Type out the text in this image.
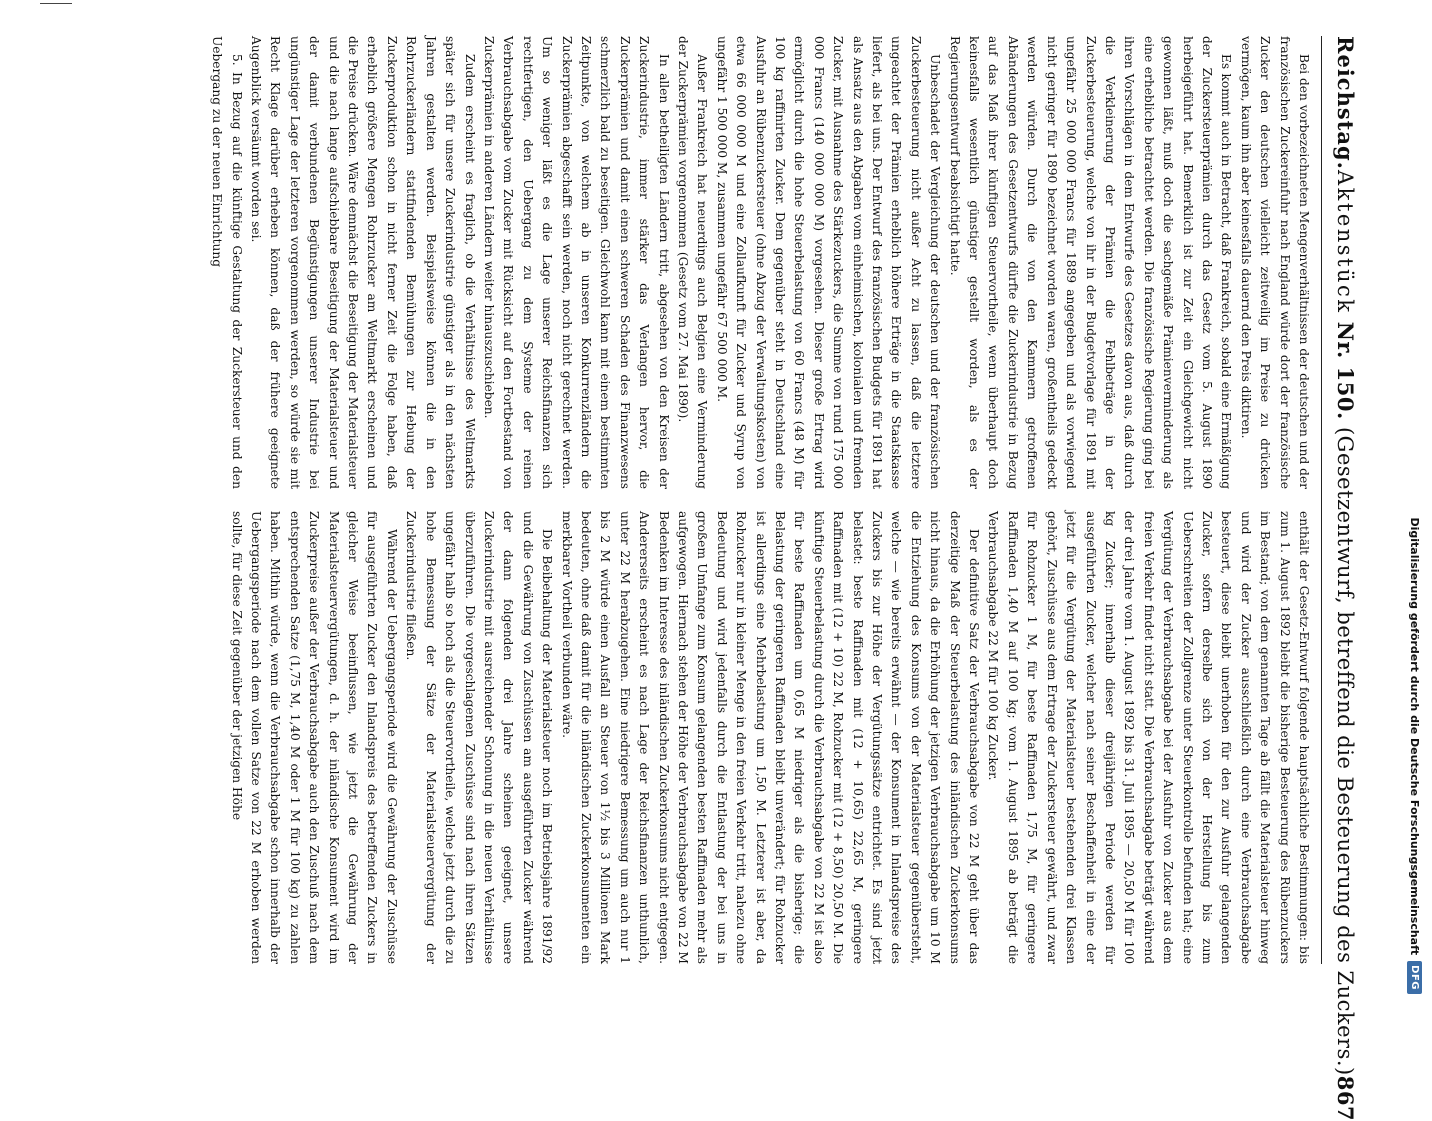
Reichstag.
Aktenstück Nr. 150. (Gesetzentwurf, betreffend die Besteuerung des Zuckers.)
867

Bei den vorbezeichneten Mengenverhältnissen der deutschen und der französischen Zuckereinfuhr nach England würde dort der französische Zucker den deutschen vielleicht zeitweilig im Preise zu drücken vermögen, kaum ihn aber keinesfalls dauernd den Preis diktiren.

Es kommt auch in Betracht, daß Frankreich, sobald eine Ermäßigung der Zuckersteuerprämien durch das Gesetz vom 5. August 1890 herbeigeführt hat. Bemerklich ist zur Zeit ein Gleichgewicht nicht gewonnen läßt, muß doch die sachgemäße Prämienverminderung als eine erhebliche betrachtet werden. Die französische Regierung ging bei ihren Vorschlägen in dem Entwurfe des Gesetzes davon aus, daß durch die Verkleinerung der Prämien die Fehlbeträge in der Zuckerbesteuerung, welche von ihr in der Budgetvorlage für 1891 mit ungefähr 25 000 000 Francs für 1889 angegeben und als vorwiegend nicht geringer für 1890 bezeichnet worden waren, großentheils gedeckt werden würden. Durch die von den Kammern getroffenen Abänderungen des Gesetzentwurfs dürfte die Zuckerindustrie in Bezug auf das Maß ihrer künftigen Steuervortheile, wenn überhaupt doch keinesfalls wesentlich günstiger gestellt worden, als es der Regierungsentwurf beabsichtigt hatte.

Unbeschadet der Vergleichung der deutschen und der französischen Zuckerbesteuerung nicht außer Acht zu lassen, daß die letztere ungeachtet der Prämien erheblich höhere Erträge in die Staatskasse liefert, als bei uns. Der Entwurf des französischen Budgets für 1891 hat als Ansatz aus den Abgaben vom einheimischen, kolonialen und fremden Zucker, mit Ausnahme des Stärkezuckers, die Summe von rund 175 000 000 Francs (140 000 000 M) vorgesehen. Dieser große Ertrag wird ermöglicht durch die hohe Steuerbelastung von 60 Francs (48 M) für 100 kg raffinirten Zucker. Dem gegenüber steht in Deutschland eine Ausfuhr an Rübenzuckersteuer (ohne Abzug der Verwaltungskosten) von etwa 66 000 000 M und eine Zollaufkunft für Zucker und Syrup von ungefähr 1 500 000 M, zusammen ungefähr 67 500 000 M.

Außer Frankreich hat neuerdings auch Belgien eine Verminderung der Zuckerprämien vorgenommen (Gesetz vom 27. Mai 1890).

In allen betheiligten Ländern tritt, abgesehen von den Kreisen der Zuckerindustrie, immer stärker das Verlangen hervor, die Zuckerprämien und damit einen schweren Schaden des Finanzwesens schmerzlich bald zu beseitigen. Gleichwohl kann mit einem bestimmten Zeitpunkte, von welchem ab in unseren Konkurrenzländern die Zuckerprämien abgeschafft sein werden, noch nicht gerechnet werden. Um so weniger läßt es die Lage unserer Reichsfinanzen sich rechtfertigen, den Uebergang zu dem Systeme der reinen Verbrauchsabgabe vom Zucker mit Rücksicht auf den Fortbestand von Zuckerprämien in anderen Ländern weiter hinauszuschieben.

Zudem erscheint es fraglich, ob die Verhältnisse des Weltmarkts später sich für unsere Zuckerindustrie günstiger als in den nächsten Jahren gestalten werden. Beispielsweise können die in den Rohrzuckerländern stattfindenden Bemühungen zur Hebung der Zuckerproduktion schon in nicht ferner Zeit die Folge haben, daß erheblich größere Mengen Rohrzucker am Weltmarkt erscheinen und die Preise drücken. Wäre demnächst die Beseitigung der Materialsteuer und die nach lange aufschiebbare Beseitigung der Materialsteuer und der damit verbundenen Begünstigungen unserer Industrie bei ungünstiger Lage der letzteren vorgenommen werden, so würde sie mit Recht Klage darüber erheben können, daß der frühere geeignete Augenblick versäumt worden sei.

5. In Bezug auf die künftige Gestaltung der Zuckersteuer und den Uebergang zu der neuen Einrichtung

enthält der Gesetz-Entwurf folgende hauptsächliche Bestimmungen: bis zum 1. August 1892 bleibt die bisherige Besteuerung des Rübenzuckers im Bestand; von dem genannten Tage ab fällt die Materialsteuer hinweg und wird der Zucker ausschließlich durch eine Verbrauchsabgabe besteuert, diese bleibt unerhoben für den zur Ausfuhr gelangenden Zucker, sofern derselbe sich von der Herstellung bis zum Ueberschreiten der Zollgrenze unter Steuerkontrolle befunden hat; eine Vergütung der Verbrauchsabgabe bei der Ausfuhr von Zucker aus dem freien Verkehr findet nicht statt. Die Verbrauchsabgabe beträgt während der drei Jahre vom 1. August 1892 bis 31. Juli 1895 — 20,50 M für 100 kg Zucker; innerhalb dieser dreijährigen Periode werden für ausgeführten Zucker, welcher nach seiner Beschaffenheit in eine der jetzt für die Vergütung der Materialsteuer bestehenden drei Klassen gehört, Zuschüsse aus dem Ertrage der Zuckersteuer gewährt, und zwar für Rohzucker 1 M, für beste Raffinaden 1,75 M, für geringere Raffinaden 1,40 M auf 100 kg; vom 1. August 1895 ab beträgt die Verbrauchsabgabe 22 M für 100 kg Zucker.

Der definitive Satz der Verbrauchsabgabe von 22 M geht über das derzeitige Maß der Steuerbelastung des inländischen Zuckerkonsums nicht hinaus, da die Erhöhung der jetzigen Verbrauchsabgabe um 10 M die Entziehung des Konsums von der Materialsteuer gegenübersteht, welche — wie bereits erwähnt — der Konsument in Inlandspreise des Zuckers bis zur Höhe der Vergütungssätze entrichtet. Es sind jetzt belastet: beste Raffinaden mit (12 + 10,65) 22,65 M, geringere Raffinaden mit (12 + 10) 22 M, Rohzucker mit (12 + 8,50) 20,50 M. Die künftige Steuerbelastung durch die Verbrauchsabgabe von 22 M ist also für beste Raffinaden um 0,65 M niedriger als die bisherige; die Belastung der geringeren Raffinaden bleibt unverändert; für Rohzucker ist allerdings eine Mehrbelastung um 1,50 M. Letzterer ist aber, da Rohzucker nur in kleiner Menge in den freien Verkehr tritt, nahezu ohne Bedeutung und wird jedenfalls durch die Entlastung der bei uns in großem Umfange zum Konsum gelangenden besten Raffinaden mehr als aufgewogen. Hiernach stehen der Höhe der Verbrauchsabgabe von 22 M Bedenken im Interesse des inländischen Zuckerkonsums nicht entgegen. Andererseits erscheint es nach Lage der Reichsfinanzen unthunlich, unter 22 M herabzugehen. Eine niedrigere Bemessung um auch nur 1 bis 2 M würde einen Ausfall an Steuer von 1½ bis 3 Millionen Mark bedeuten, ohne daß damit für die inländischen Zuckerkonsumenten ein merkbarer Vortheil verbunden wäre.

Die Beibehaltung der Materialsteuer noch im Betriebsjahre 1891/92 und die Gewährung von Zuschüssen am ausgeführten Zucker während der dann folgenden drei Jahre scheinen geeignet, unsere Zuckerindustrie mit ausreichender Schonung in die neuen Verhältnisse überzuführen. Die vorgeschlagenen Zuschüsse sind nach ihren Sätzen ungefähr halb so hoch als die Steuervortheile, welche jetzt durch die zu hohe Bemessung der Sätze der Materialsteuervergütung der Zuckerindustrie fließen.

Während der Uebergangsperiode wird die Gewährung der Zuschüsse für ausgeführten Zucker den Inlandspreis des betreffenden Zuckers in gleicher Weise beeinflussen, wie jetzt die Gewährung der Materialsteuervergütungen, d. h. der inländische Konsument wird im Zuckerpreise außer der Verbrauchsabgabe auch den Zuschuß nach dem entsprechenden Satze (1,75 M, 1,40 M oder 1 M für 100 kg) zu zahlen haben. Mithin würde, wenn die Verbrauchsabgabe schon innerhalb der Uebergangsperiode nach dem vollen Satze von 22 M erhoben werden sollte, für diese Zeit gegenüber der jetzigen Höhe	Digitalisierung gefördert durch die Deutsche Forschungsgemeinschaft
DFG
